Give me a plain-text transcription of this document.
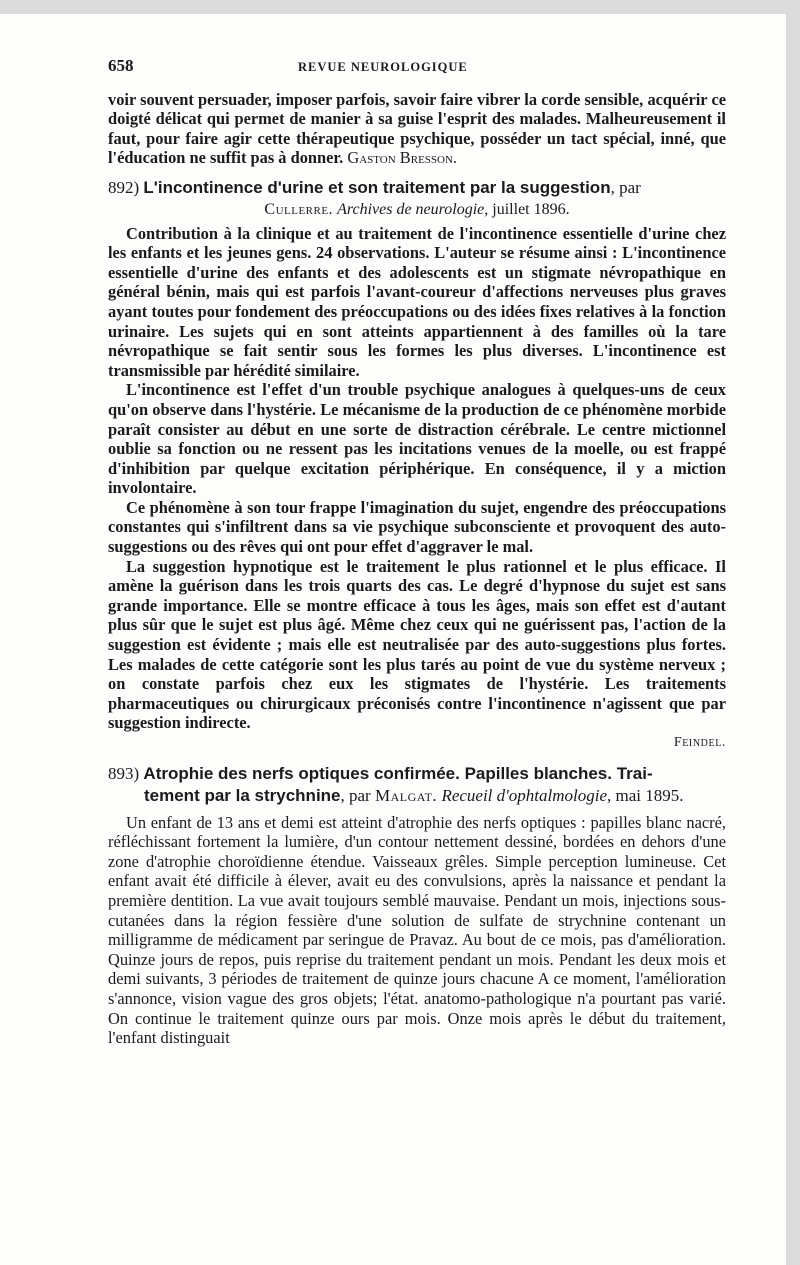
658	REVUE NEUROLOGIQUE

voir souvent persuader, imposer parfois, savoir faire vibrer la corde sensible, acquérir ce doigté délicat qui permet de manier à sa guise l'esprit des malades. Malheureusement il faut, pour faire agir cette thérapeutique psychique, posséder un tact spécial, inné, que l'éducation ne suffit pas à donner. Gaston Bresson.

892) L'incontinence d'urine et son traitement par la suggestion, par
Cullerre. Archives de neurologie, juillet 1896.

Contribution à la clinique et au traitement de l'incontinence essentielle d'urine chez les enfants et les jeunes gens. 24 observations. L'auteur se résume ainsi : L'incontinence essentielle d'urine des enfants et des adolescents est un stigmate névropathique en général bénin, mais qui est parfois l'avant-coureur d'affections nerveuses plus graves ayant toutes pour fondement des préoccupations ou des idées fixes relatives à la fonction urinaire. Les sujets qui en sont atteints appartiennent à des familles où la tare névropathique se fait sentir sous les formes les plus diverses. L'incontinence est transmissible par hérédité similaire.

L'incontinence est l'effet d'un trouble psychique analogues à quelques-uns de ceux qu'on observe dans l'hystérie. Le mécanisme de la production de ce phénomène morbide paraît consister au début en une sorte de distraction cérébrale. Le centre mictionnel oublie sa fonction ou ne ressent pas les incitations venues de la moelle, ou est frappé d'inhibition par quelque excitation périphérique. En conséquence, il y a miction involontaire.

Ce phénomène à son tour frappe l'imagination du sujet, engendre des préoccupations constantes qui s'infiltrent dans sa vie psychique subconsciente et provoquent des auto-suggestions ou des rêves qui ont pour effet d'aggraver le mal.

La suggestion hypnotique est le traitement le plus rationnel et le plus efficace. Il amène la guérison dans les trois quarts des cas. Le degré d'hypnose du sujet est sans grande importance. Elle se montre efficace à tous les âges, mais son effet est d'autant plus sûr que le sujet est plus âgé. Même chez ceux qui ne guérissent pas, l'action de la suggestion est évidente ; mais elle est neutralisée par des auto-suggestions plus fortes. Les malades de cette catégorie sont les plus tarés au point de vue du système nerveux ; on constate parfois chez eux les stigmates de l'hystérie. Les traitements pharmaceutiques ou chirurgicaux préconisés contre l'incontinence n'agissent que par suggestion indirecte.

Feindel.
893) Atrophie des nerfs optiques confirmée. Papilles blanches. Trai-
tement par la strychnine, par Malgat. Recueil d'ophtalmologie, mai 1895.

Un enfant de 13 ans et demi est atteint d'atrophie des nerfs optiques : papilles blanc nacré, réfléchissant fortement la lumière, d'un contour nettement dessiné, bordées en dehors d'une zone d'atrophie choroïdienne étendue. Vaisseaux grêles. Simple perception lumineuse. Cet enfant avait été difficile à élever, avait eu des convulsions, après la naissance et pendant la première dentition. La vue avait toujours semblé mauvaise. Pendant un mois, injections sous-cutanées dans la région fessière d'une solution de sulfate de strychnine contenant un milligramme de médicament par seringue de Pravaz. Au bout de ce mois, pas d'amélioration. Quinze jours de repos, puis reprise du traitement pendant un mois. Pendant les deux mois et demi suivants, 3 périodes de traitement de quinze jours chacune A ce moment, l'amélioration s'annonce, vision vague des gros objets; l'état. anatomo-pathologique n'a pourtant pas varié. On continue le traitement quinze ours par mois. Onze mois après le début du traitement, l'enfant distinguait
